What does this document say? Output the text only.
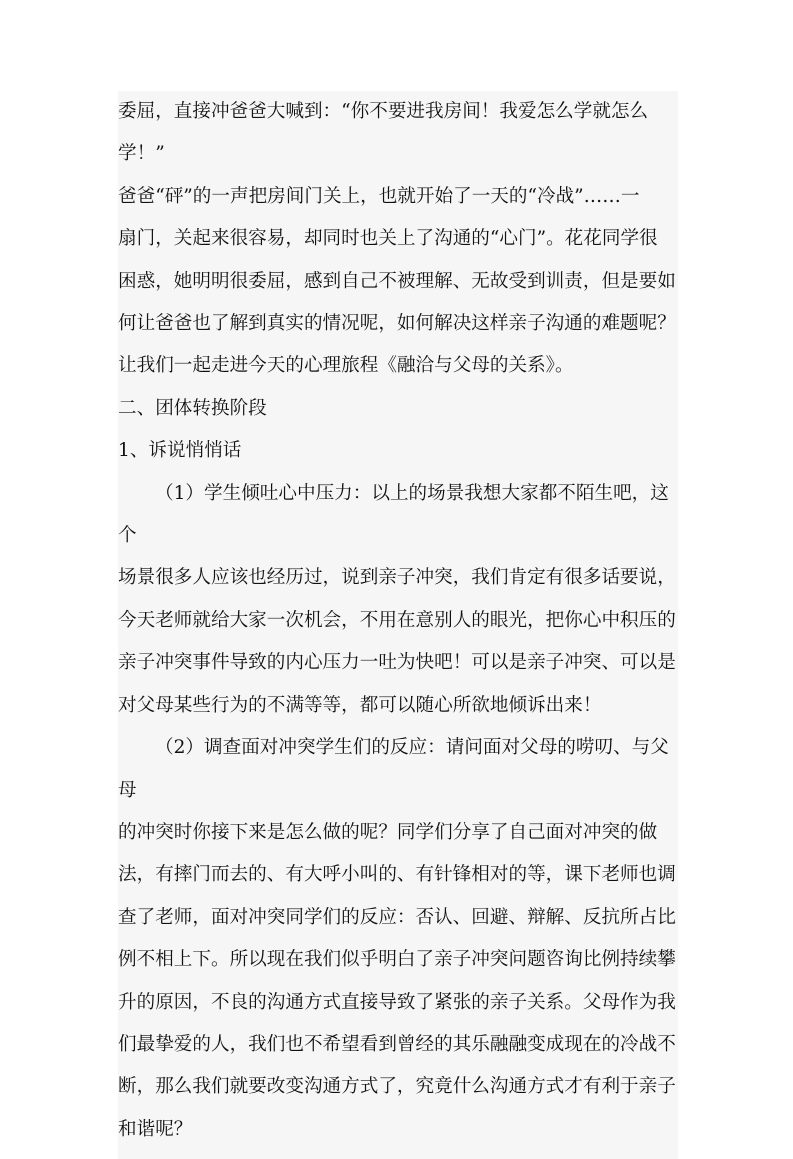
委屈，直接冲爸爸大喊到：“你不要进我房间！我爱怎么学就怎么学！”
爸爸“砰”的一声把房间门关上，也就开始了一天的“冷战”……一
扇门，关起来很容易，却同时也关上了沟通的“心门”。花花同学很
困惑，她明明很委屈，感到自己不被理解、无故受到训责，但是要如
何让爸爸也了解到真实的情况呢，如何解决这样亲子沟通的难题呢？
让我们一起走进今天的心理旅程《融洽与父母的关系》。
二、团体转换阶段
1、诉说悄悄话
（1）学生倾吐心中压力：以上的场景我想大家都不陌生吧，这个
场景很多人应该也经历过，说到亲子冲突，我们肯定有很多话要说，
今天老师就给大家一次机会，不用在意别人的眼光，把你心中积压的
亲子冲突事件导致的内心压力一吐为快吧！可以是亲子冲突、可以是
对父母某些行为的不满等等，都可以随心所欲地倾诉出来！
（2）调查面对冲突学生们的反应：请问面对父母的唠叨、与父母
的冲突时你接下来是怎么做的呢？同学们分享了自己面对冲突的做
法，有摔门而去的、有大呼小叫的、有针锋相对的等，课下老师也调
查了老师，面对冲突同学们的反应：否认、回避、辩解、反抗所占比
例不相上下。所以现在我们似乎明白了亲子冲突问题咨询比例持续攀
升的原因，不良的沟通方式直接导致了紧张的亲子关系。父母作为我
们最挚爱的人，我们也不希望看到曾经的其乐融融变成现在的冷战不
断，那么我们就要改变沟通方式了，究竟什么沟通方式才有利于亲子
和谐呢？
